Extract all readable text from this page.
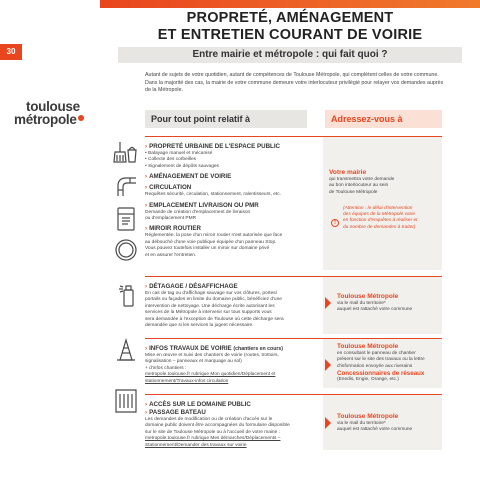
30
PROPRETÉ, AMÉNAGEMENT
ET ENTRETIEN COURANT DE VOIRIE
Entre mairie et métropole : qui fait quoi ?
Autant de sujets de votre quotidien, autant de compétences de Toulouse Métropole, qui complètent celles de votre commune. Dans la majorité des cas, la mairie de votre commune demeure votre interlocuteur privilégié pour relayer vos demandes auprès de la Métropole.
toulouse
métropole	Pour tout point relatif à	Adressez-vous à
› PROPRETÉ URBAINE DE L'ESPACE PUBLIC
• Balayage manuel et mécanisé
• Collecte des corbeilles
• Signalement de dépôts sauvages
› AMÉNAGEMENT DE VOIRIE
› CIRCULATION
Requêtes sécurité, circulation, stationnement, ralentisseurs, etc.
› EMPLACEMENT LIVRAISON OU PMR
Demande de création d'emplacement de livraison
ou d'emplacement PMR
› MIROIR ROUTIER
Réglementée, la pose d'un miroir routier n'est autorisée que face
au débouché d'une voie publique équipée d'un panneau Stop.
Vous pouvez toutefois installer un miroir sur domaine privé
et en assurer l'entretien.
Votre mairie
qui transmettra votre demande
au bon interlocuteur au sein
de Toulouse Métropole
!
(Attention : le délai d'intervention
des équipes de la Métropole varie
en fonction d'enquêtes à réaliser et
du nombre de demandes à traiter)
› DÉTAGAGE / DÉSAFFICHAGE
En cas de tag ou d'affichage sauvage sur vos clôtures, portes/
portails ou façades en limite du domaine public, bénéficiez d'une
intervention de nettoyage. Une décharge écrite autorisant les
services de la Métropole à intervenir sur tous supports vous
sera demandée à l'exception de Toulouse où cette décharge sera
demandée que si les services la jugent nécessaire.
Toulouse Métropole
via le mail du territoire*
auquel est rattaché votre commune
› INFOS TRAVAUX DE VOIRIE (chantiers en cours)
Mise en œuvre et suivi des chantiers de voirie (routes, trottoirs,
signalisation – panneaux et marquage au sol)
+ d'infos chantiers :
metropole.toulouse.fr rubrique Mon quotidien/Déplacement et
stationnement/Travaux-infos circulation
Toulouse Métropole
en consultant le panneau de chantier
présent sur le site des travaux ou la lettre
d'information envoyée aux riverains
Concessionnaires de réseaux
(Enedis, Engie, Orange, etc.)
› ACCÈS SUR LE DOMAINE PUBLIC
› PASSAGE BATEAU
Les demandes de modification ou de création d'accès sur le
domaine public doivent être accompagnées du formulaire disponible
sur le site de Toulouse Métropole ou à l'accueil de votre mairie :
metropole.toulouse.fr rubrique Mes démarches/Déplacements –
Stationnement/Demander des travaux sur voirie
Toulouse Métropole
via le mail du territoire*
auquel est rattaché votre commune
